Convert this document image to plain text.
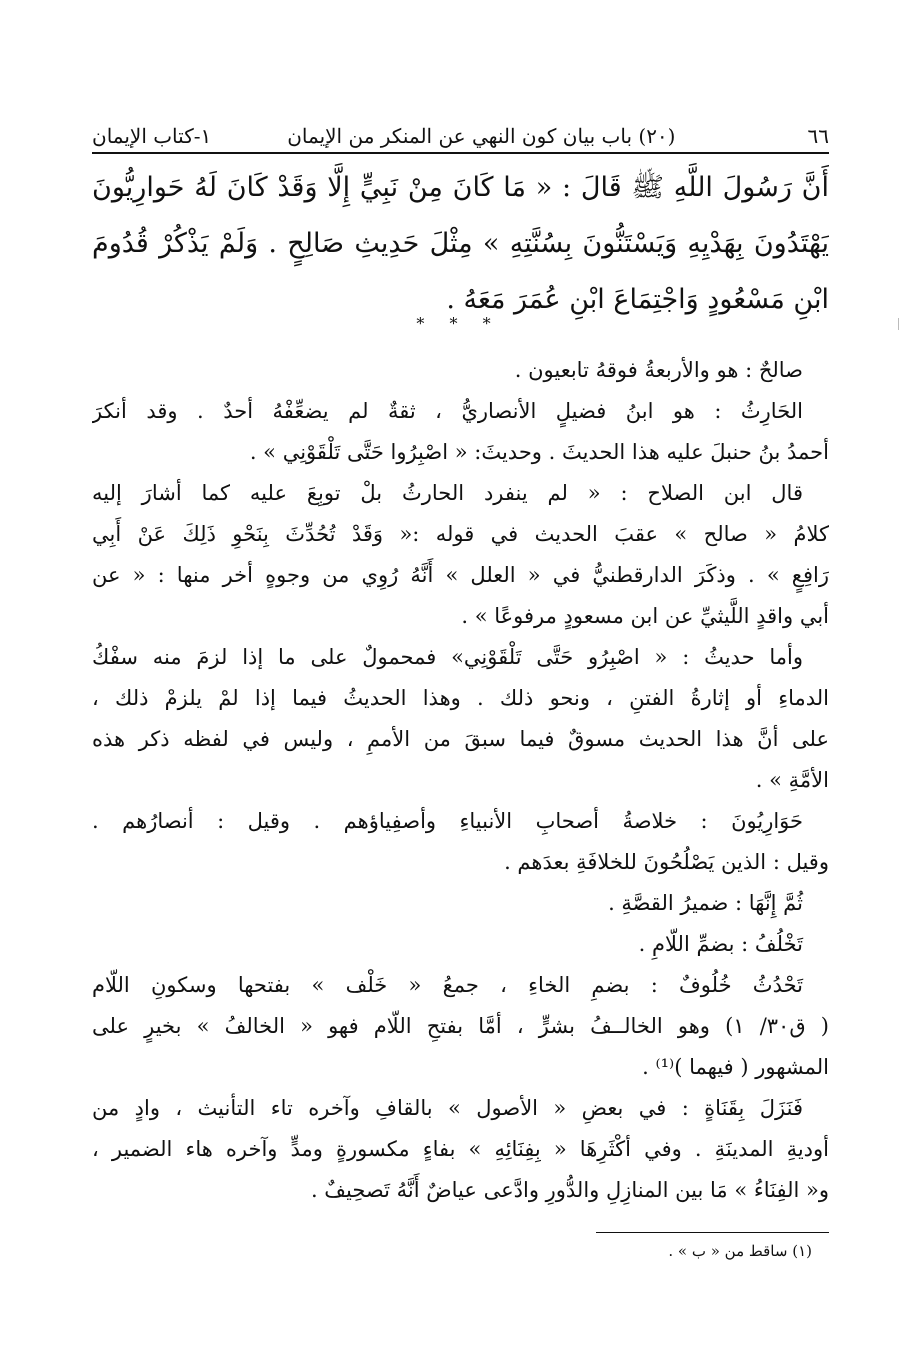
٦٦
(٢٠) باب بيان كون النهي عن المنكر من الإيمان
١-كتاب الإيمان
أَنَّ رَسُولَ اللَّهِ ﷺ قَالَ : « مَا كَانَ مِنْ نَبِيٍّ إِلَّا وَقَدْ كَانَ لَهُ حَوارِيُّونَ
يَهْتَدُونَ بِهَدْيِهِ وَيَسْتَنُّونَ بِسُنَّتِهِ » مِثْلَ حَدِيثِ صَالِحٍ . وَلَمْ يَذْكُرْ قُدُومَ
ابْنِ مَسْعُودٍ وَاجْتِمَاعَ ابْنِ عُمَرَ مَعَهُ .
* * *
صالحٌ : هو والأربعةُ فوقهُ تابعيون .
الحَارِثُ : هو ابنُ فضيلٍ الأنصاريُّ ، ثقةٌ لم يضعِّفْهُ أحدٌ . وقد أنكرَ
أحمدُ بنُ حنبلَ عليه هذا الحديثَ . وحديثَ: « اصْبِرُوا حَتَّى تَلْقَوْنِي » .
قال ابن الصلاح : « لم ينفرد الحارثُ بلْ توبِعَ عليه كما أشارَ إليه
كلامُ « صالح » عقبَ الحديث في قوله :« وَقَدْ تُحُدِّثَ بِنَحْوِ ذَلِكَ عَنْ أَبِي
رَافِعٍ » . وذكَرَ الدارقطنيُّ في « العلل » أَنَّهُ رُوِي من وجوهٍ أخر منها : « عن
أبي واقدٍ اللَّيثيِّ عن ابن مسعودٍ مرفوعًا » .
وأما حديثُ : « اصْبِرُو حَتَّى تَلْقَوْنِي» فمحمولٌ على ما إذا لزمَ منه سفْكُ
الدماءِ أو إثارةُ الفتنِ ، ونحو ذلك . وهذا الحديثُ فيما إذا لمْ يلزمْ ذلك ،
على أنَّ هذا الحديث مسوقٌ فيما سبقَ من الأممِ ، وليس في لفظه ذكر هذه
الأمَّةِ » .
حَوَارِيُونَ : خلاصةُ أصحابِ الأنبياءِ وأصفِياؤهم . وقيل : أنصارُهم .
وقيل : الذين يَصْلُحُونَ للخلافَةِ بعدَهم .
ثُمَّ إِنَّهَا : ضميرُ القصَّةِ .
تَخْلُفُ : بضمِّ اللّامِ .
تَحْدُثُ خُلُوفٌ : بضمِ الخاءِ ، جمعُ « خَلْف » بفتحها وسكونِ اللّام
( ق٣٠/ ١) وهو الخالــفُ بشرٍّ ، أمَّا بفتحِ اللّام فهو « الخالفُ » بخيرٍ على
المشهور ( فيهما )⁽¹⁾ .
فَنَزَلَ بِقَنَاةٍ : في بعضِ « الأصول » بالقافِ وآخره تاء التأنيث ، وادٍ من
أوديةِ المدينَةِ . وفي أكْثَرِهَا « بِفِنَائِهِ » بفاءٍ مكسورةٍ ومدٍّ وآخره هاء الضمير ،
و« الفِنَاءُ » مَا بين المنازِلِ والدُّورِ وادَّعى عياضٌ أَنَّهُ تَصحِيفٌ .
(١) ساقط من « ب » .
